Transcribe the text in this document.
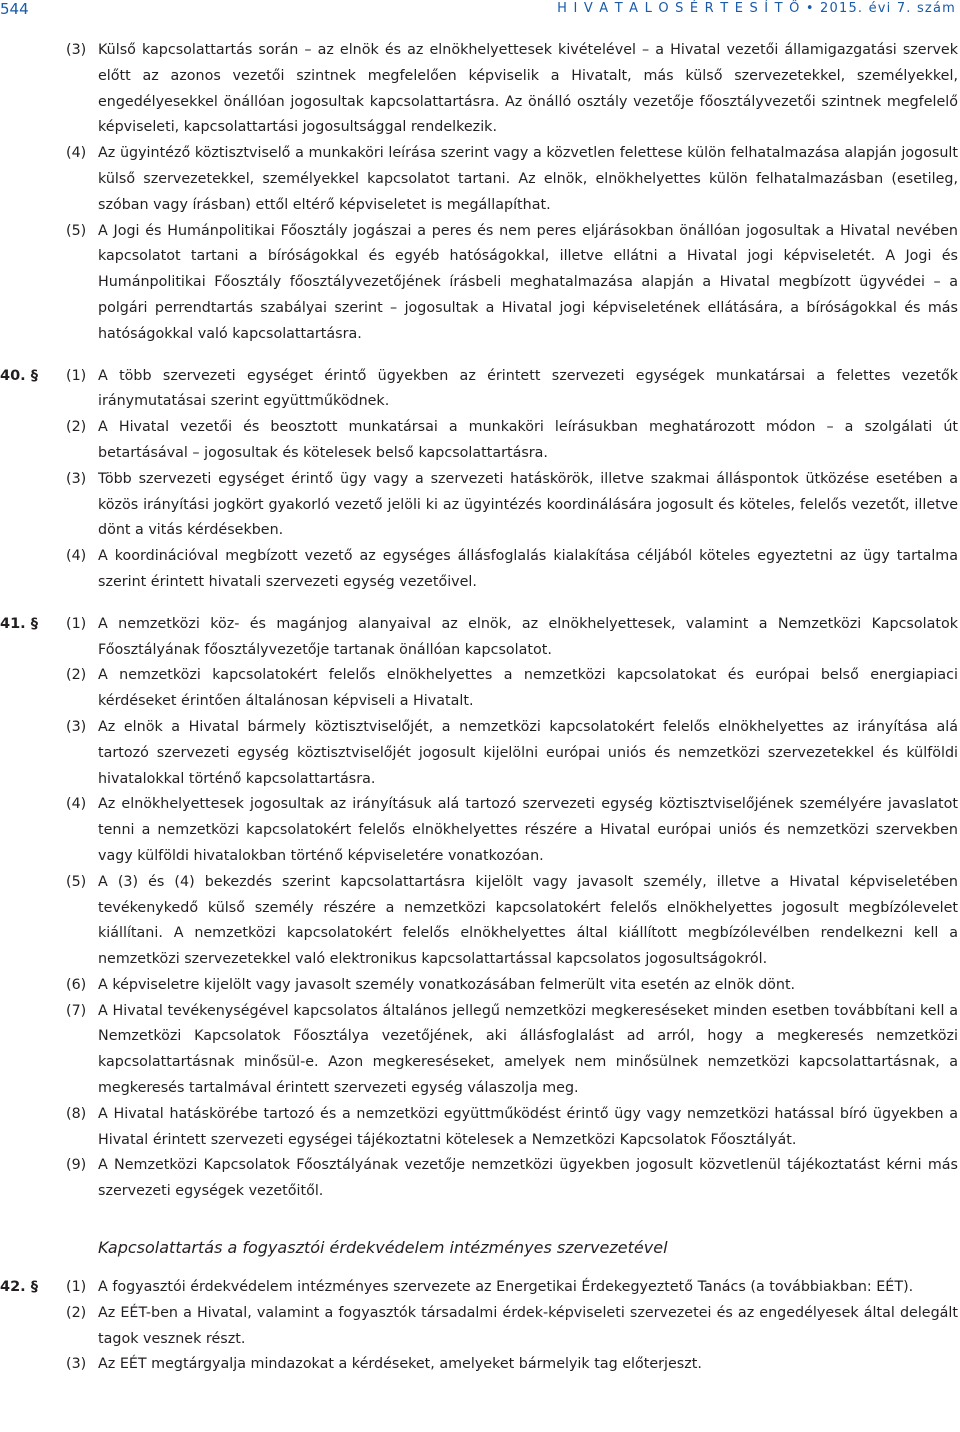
544	H I V A T A L O S É R T E S Í T Ő • 2015. évi 7. szám

(3) Külső kapcsolattartás során – az elnök és az elnökhelyettesek kivételével – a Hivatal vezetői államigazgatási szervek előtt az azonos vezetői szintnek megfelelően képviselik a Hivatalt, más külső szervezetekkel, személyekkel, engedélyesekkel önállóan jogosultak kapcsolattartásra. Az önálló osztály vezetője főosztályvezetői szintnek megfelelő képviseleti, kapcsolattartási jogosultsággal rendelkezik.

(4) Az ügyintéző köztisztviselő a munkaköri leírása szerint vagy a közvetlen felettese külön felhatalmazása alapján jogosult külső szervezetekkel, személyekkel kapcsolatot tartani. Az elnök, elnökhelyettes külön felhatalmazásban (esetileg, szóban vagy írásban) ettől eltérő képviseletet is megállapíthat.

(5) A Jogi és Humánpolitikai Főosztály jogászai a peres és nem peres eljárásokban önállóan jogosultak a Hivatal nevében kapcsolatot tartani a bíróságokkal és egyéb hatóságokkal, illetve ellátni a Hivatal jogi képviseletét. A Jogi és Humánpolitikai Főosztály főosztályvezetőjének írásbeli meghatalmazása alapján a Hivatal megbízott ügyvédei – a polgári perrendtartás szabályai szerint – jogosultak a Hivatal jogi képviseletének ellátására, a bíróságokkal és más hatóságokkal való kapcsolattartásra.

40. § (1) A több szervezeti egységet érintő ügyekben az érintett szervezeti egységek munkatársai a felettes vezetők iránymutatásai szerint együttműködnek.

(2) A Hivatal vezetői és beosztott munkatársai a munkaköri leírásukban meghatározott módon – a szolgálati út betartásával – jogosultak és kötelesek belső kapcsolattartásra.

(3) Több szervezeti egységet érintő ügy vagy a szervezeti hatáskörök, illetve szakmai álláspontok ütközése esetében a közös irányítási jogkört gyakorló vezető jelöli ki az ügyintézés koordinálására jogosult és köteles, felelős vezetőt, illetve dönt a vitás kérdésekben.

(4) A koordinációval megbízott vezető az egységes állásfoglalás kialakítása céljából köteles egyeztetni az ügy tartalma szerint érintett hivatali szervezeti egység vezetőivel.

41. § (1) A nemzetközi köz- és magánjog alanyaival az elnök, az elnökhelyettesek, valamint a Nemzetközi Kapcsolatok Főosztályának főosztályvezetője tartanak önállóan kapcsolatot.

(2) A nemzetközi kapcsolatokért felelős elnökhelyettes a nemzetközi kapcsolatokat és európai belső energiapiaci kérdéseket érintően általánosan képviseli a Hivatalt.

(3) Az elnök a Hivatal bármely köztisztviselőjét, a nemzetközi kapcsolatokért felelős elnökhelyettes az irányítása alá tartozó szervezeti egység köztisztviselőjét jogosult kijelölni európai uniós és nemzetközi szervezetekkel és külföldi hivatalokkal történő kapcsolattartásra.

(4) Az elnökhelyettesek jogosultak az irányításuk alá tartozó szervezeti egység köztisztviselőjének személyére javaslatot tenni a nemzetközi kapcsolatokért felelős elnökhelyettes részére a Hivatal európai uniós és nemzetközi szervekben vagy külföldi hivatalokban történő képviseletére vonatkozóan.

(5) A (3) és (4) bekezdés szerint kapcsolattartásra kijelölt vagy javasolt személy, illetve a Hivatal képviseletében tevékenykedő külső személy részére a nemzetközi kapcsolatokért felelős elnökhelyettes jogosult megbízólevelet kiállítani. A nemzetközi kapcsolatokért felelős elnökhelyettes által kiállított megbízólevélben rendelkezni kell a nemzetközi szervezetekkel való elektronikus kapcsolattartással kapcsolatos jogosultságokról.

(6) A képviseletre kijelölt vagy javasolt személy vonatkozásában felmerült vita esetén az elnök dönt.

(7) A Hivatal tevékenységével kapcsolatos általános jellegű nemzetközi megkereséseket minden esetben továbbítani kell a Nemzetközi Kapcsolatok Főosztálya vezetőjének, aki állásfoglalást ad arról, hogy a megkeresés nemzetközi kapcsolattartásnak minősül-e. Azon megkereséseket, amelyek nem minősülnek nemzetközi kapcsolattartásnak, a megkeresés tartalmával érintett szervezeti egység válaszolja meg.

(8) A Hivatal hatáskörébe tartozó és a nemzetközi együttműködést érintő ügy vagy nemzetközi hatással bíró ügyekben a Hivatal érintett szervezeti egységei tájékoztatni kötelesek a Nemzetközi Kapcsolatok Főosztályát.

(9) A Nemzetközi Kapcsolatok Főosztályának vezetője nemzetközi ügyekben jogosult közvetlenül tájékoztatást kérni más szervezeti egységek vezetőitől.

Kapcsolattartás a fogyasztói érdekvédelem intézményes szervezetével

42. § (1) A fogyasztói érdekvédelem intézményes szervezete az Energetikai Érdekegyeztető Tanács (a továbbiakban: EÉT).

(2) Az EÉT-ben a Hivatal, valamint a fogyasztók társadalmi érdek-képviseleti szervezetei és az engedélyesek által delegált tagok vesznek részt.

(3) Az EÉT megtárgyalja mindazokat a kérdéseket, amelyeket bármelyik tag előterjeszt.
